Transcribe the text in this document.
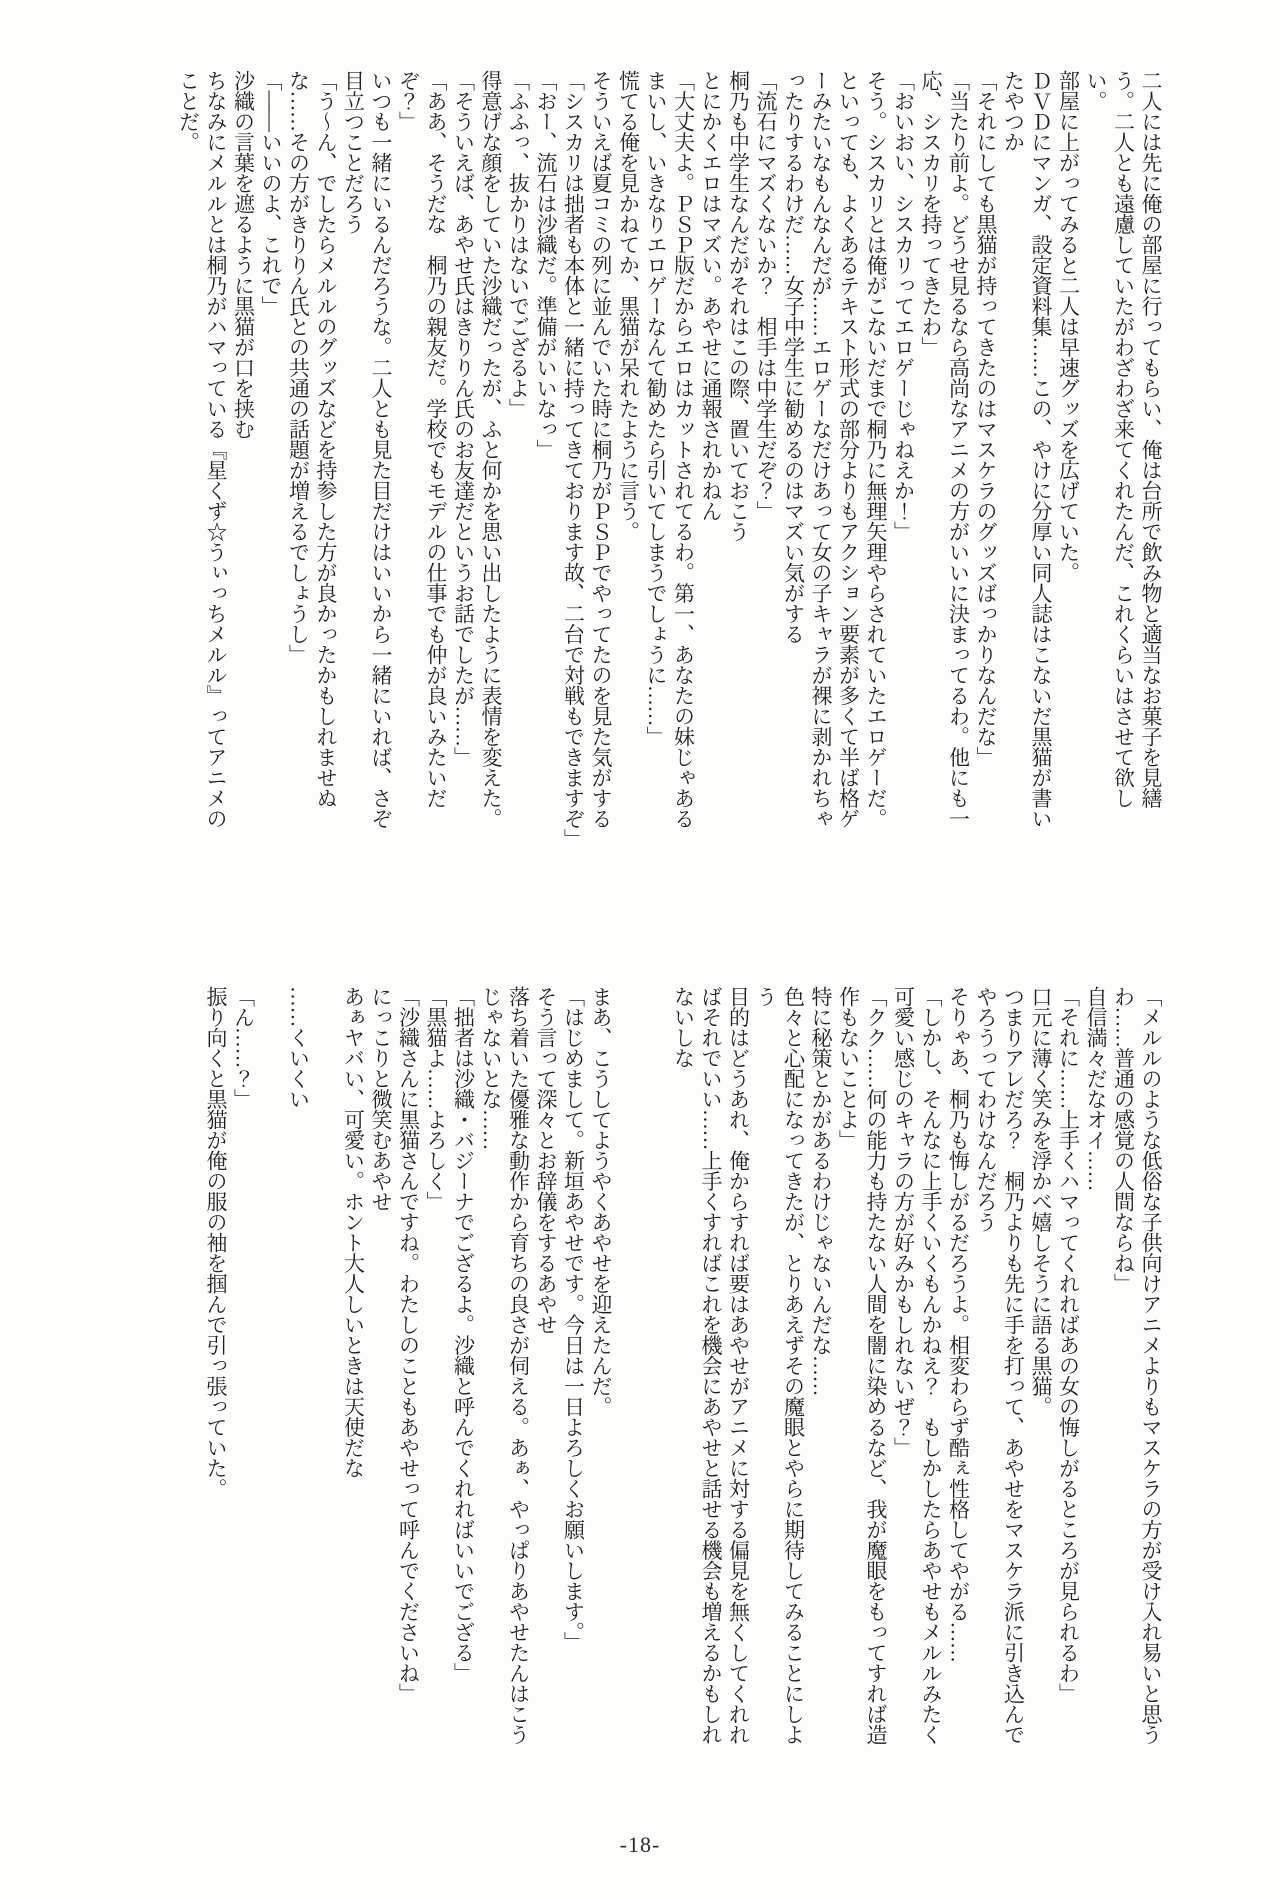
二人には先に俺の部屋に行ってもらい、俺は台所で飲み物と適当なお菓子を見繕う。二人とも遠慮していたがわざわざ来てくれたんだ、これくらいはさせて欲しい。

部屋に上がってみると二人は早速グッズを広げていた。

ＤＶＤにマンガ、設定資料集……この、やけに分厚い同人誌はこないだ黒猫が書いたやつか

「それにしても黒猫が持ってきたのはマスケラのグッズばっかりなんだな」

「当たり前よ。どうせ見るなら高尚なアニメの方がいいに決まってるわ。他にも一応、シスカリを持ってきたわ」

「おいおい、シスカリってエロゲーじゃねえか！」

そう。シスカリとは俺がこないだまで桐乃に無理矢理やらされていたエロゲーだ。といっても、よくあるテキスト形式の部分よりもアクション要素が多くて半ば格ゲーみたいなもんなんだが……エロゲーなだけあって女の子キャラが裸に剥かれちゃったりするわけだ……女子中学生に勧めるのはマズい気がする

「流石にマズくないか？　相手は中学生だぞ？」

桐乃も中学生なんだがそれはこの際、置いておこう

とにかくエロはマズい。あやせに通報されかねん

「大丈夫よ。ＰＳＰ版だからエロはカットされてるわ。第一、あなたの妹じゃあるまいし、いきなりエロゲーなんて勧めたら引いてしまうでしょうに……」

慌てる俺を見かねてか、黒猫が呆れたように言う。

そういえば夏コミの列に並んでいた時に桐乃がＰＳＰでやってたのを見た気がする

「シスカリは拙者も本体と一緒に持ってきております故、二台で対戦もできますぞ」

「おー、流石は沙織だ。準備がいいなっ」

「ふふっ、抜かりはないでござるよ」

得意げな顔をしていた沙織だったが、ふと何かを思い出したように表情を変えた。

「そういえば、あやせ氏はきりりん氏のお友達だというお話でしたが……」

「ああ、そうだな　桐乃の親友だ。学校でもモデルの仕事でも仲が良いみたいだぞ？」

いつも一緒にいるんだろうな。二人とも見た目だけはいいから一緒にいれば、さぞ目立つことだろう

「う〜ん、でしたらメルルのグッズなどを持参した方が良かったかもしれませぬな……その方がきりりん氏との共通の話題が増えるでしょうし」

「――いいのよ、これで」

沙織の言葉を遮るように黒猫が口を挟む

ちなみにメルルとは桐乃がハマっている『星くず☆うぃっちメルル』ってアニメのことだ。

「メルルのような低俗な子供向けアニメよりもマスケラの方が受け入れ易いと思うわ……普通の感覚の人間ならね」

自信満々だなオイ……

「それに……上手くハマってくれればあの女の悔しがるところが見られるわ」

口元に薄く笑みを浮かべ嬉しそうに語る黒猫。

つまりアレだろ？　桐乃よりも先に手を打って、あやせをマスケラ派に引き込んでやろうってわけなんだろう

そりゃあ、桐乃も悔しがるだろうよ。相変わらず酷ぇ性格してやがる……

「しかし、そんなに上手くいくもんかねえ？　もしかしたらあやせもメルルみたく可愛い感じのキャラの方が好みかもしれないぜ？」

「クク……何の能力も持たない人間を闇に染めるなど、我が魔眼をもってすれば造作もないことよ」

特に秘策とかがあるわけじゃないんだな……

色々と心配になってきたが、とりあえずその魔眼とやらに期待してみることにしよう

目的はどうあれ、俺からすれば要はあやせがアニメに対する偏見を無くしてくれればそれでいい……上手くすればこれを機会にあやせと話せる機会も増えるかもしれないしな

まあ、こうしてようやくあやせを迎えたんだ。

「はじめまして。新垣あやせです。今日は一日よろしくお願いします。」

そう言って深々とお辞儀をするあやせ

落ち着いた優雅な動作から育ちの良さが伺える。あぁ、やっぱりあやせたんはこうじゃないとな……

「拙者は沙織・バジーナでござるよ。沙織と呼んでくれればいいでござる」

「黒猫よ……よろしく」

「沙織さんに黒猫さんですね。わたしのこともあやせって呼んでくださいね」

にっこりと微笑むあやせ

あぁヤバい、可愛い。ホント大人しいときは天使だな

……くいくい

「ん……？」

振り向くと黒猫が俺の服の袖を掴んで引っ張っていた。

-18-
